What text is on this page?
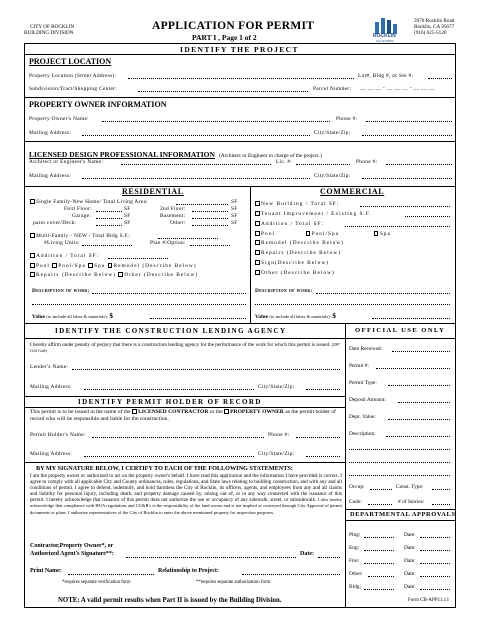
CITY OF ROCKLIN
BUILDING DIVISION
APPLICATION FOR PERMIT
PART I , Page 1 of 2	ROCKLIN
CALIFORNIA
3970 Rocklin Road
Rocklin, CA 95677
(916) 625-5120
IDENTIFY THE PROJECT
PROJECT LOCATION
Property Location (Street Address):	Lot#, Bldg #, or Ste #:
Subdivision/Tract/Shopping Center:	Parcel Number: __ __ __ - __ __ __ - __ __ __
PROPERTY OWNER INFORMATION
Property Owner's Name:	Phone #:
Mailing Address:	City/State/Zip:
LICENSED DESIGN PROFESSIONAL INFORMATION (Architect or Engineer in charge of the project.)
Architect or Engineer's Name:	Lic. #:	Phone #:
Mailing Address:	City/State/Zip:
RESIDENTIAL	COMMERCIAL
Single Family-New Home/ Total Living Area:	SF
First Floor:	SF	2nd Floor:	SF
Garage:	SF	Basement:	SF
patio cover/Deck:	SF	Other:	SF
Multi-Family - NEW / Total Bldg S.F.:
#Living Units:	Plan #/Option:
Addition / Total SF:
Pool Pool/Spa Spa Remodel (Describe Below)
Repairs (Describe Below) Other (Describe Below)
Description of work:
Value (to include all labor & materials): $
New Building / Total SF:
Tenant Improvement / Existing S.F.
Addition / Total SF:
Pool	Pool/Spa	Spa
Remodel (Describe Below)
Repairs (Describe Below)
Sign(Describe Below)
Other (Describe Below)
Description of work:
Value (to include all labor & materials): $
OFFICIAL USE ONLY
Date Received:
Permit #:
Permit Type:
Deposit Amount:
Dept. Value:
Description:
Occup:	Const. Type:
Code:	# of Stories:
DEPARTMENTAL APPROVALS
Plng:	Date:
Eng:	Date:
Fire:	Date:
Other:	Date:
Bldg:	Date:
IDENTIFY THE CONSTRUCTION LENDING AGENCY
I hereby affirm under penalty of perjury that there is a construction lending agency for the performance of the work for which this permit is issued. (2097 Civil Code)
Lender's Name:
Mailing Address:	City/State/Zip:
IDENTIFY PERMIT HOLDER OF RECORD
This permit is to be issued in the name of the LICENSED CONTRACTOR or the PROPERTY OWNER as the permit holder of record who will be responsible and liable for the construction.
Permit Holder's Name:	Phone #:
Mailing Address:	City/State/Zip:
BY MY SIGNATURE BELOW, I CERTIFY TO EACH OF THE FOLLOWING STATEMENTS:
I am the property owner or authorized to act on the property owner's behalf. I have read this application and the information I have provided is correct. I agree to comply with all applicable City and County ordinances, rules, regulations, and State laws relating to building construction, and with any and all conditions of permit. I agree to defend, indemnify, and hold harmless the City of Rocklin, its officers, agents, and employees from any and all claims and liability for personal injury, including death, and property damage caused by, arising out of, or in any way connected with the issuance of this permit. I hereby acknowledge that issuance of this permit does not authorize the use or occupancy of any sidewalk, street, or subsidewalk. I also hereby acknowledge that compliance with HOA regulations and CC&R's is the responsibility of the land owner and is not implied or conveyed through City Approval of permit documents or plans. I authorize representatives of the City of Rocklin to enter the above mentioned property for inspection purposes.
Contractor,Property Owner*, or
Authorized Agent's Signature**:	Date:
Print Name:	Relationship to Project:
*requires separate verification form	**requires separate authorization form
NOTE: A valid permit results when Part II is issued by the Building Division.	Form CB-APP11.13
